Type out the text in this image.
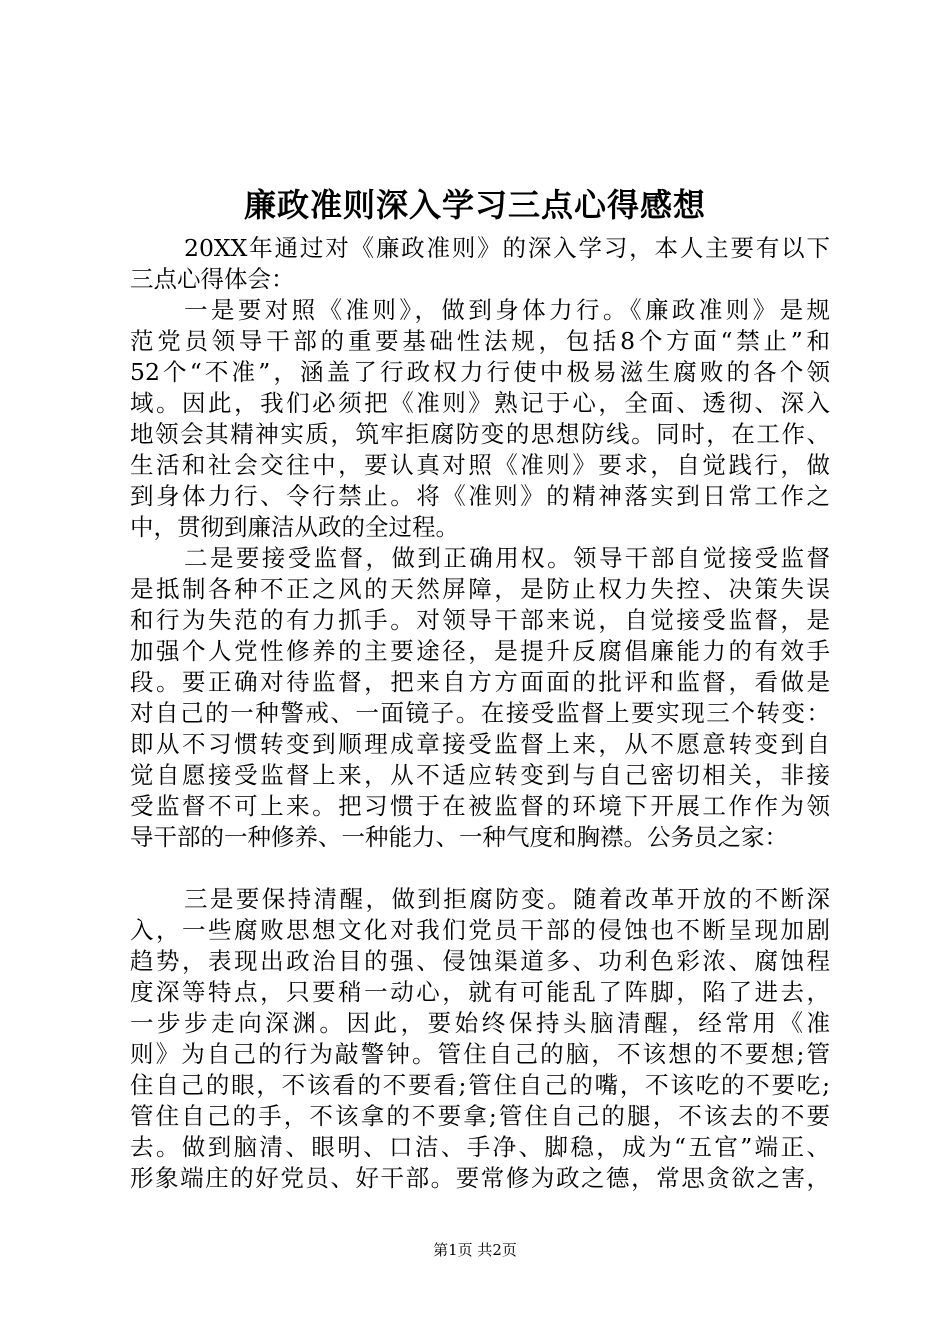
廉政准则深入学习三点心得感想
20XX年通过对《廉政准则》的深入学习，本人主要有以下
三点心得体会：
一是要对照《准则》，做到身体力行。《廉政准则》是规
范党员领导干部的重要基础性法规，包括8个方面“禁止”和
52个“不准”，涵盖了行政权力行使中极易滋生腐败的各个领
域。因此，我们必须把《准则》熟记于心，全面、透彻、深入
地领会其精神实质，筑牢拒腐防变的思想防线。同时，在工作、
生活和社会交往中，要认真对照《准则》要求，自觉践行，做
到身体力行、令行禁止。将《准则》的精神落实到日常工作之
中，贯彻到廉洁从政的全过程。
二是要接受监督，做到正确用权。领导干部自觉接受监督
是抵制各种不正之风的天然屏障，是防止权力失控、决策失误
和行为失范的有力抓手。对领导干部来说，自觉接受监督，是
加强个人党性修养的主要途径，是提升反腐倡廉能力的有效手
段。要正确对待监督，把来自方方面面的批评和监督，看做是
对自己的一种警戒、一面镜子。在接受监督上要实现三个转变：
即从不习惯转变到顺理成章接受监督上来，从不愿意转变到自
觉自愿接受监督上来，从不适应转变到与自己密切相关，非接
受监督不可上来。把习惯于在被监督的环境下开展工作作为领
导干部的一种修养、一种能力、一种气度和胸襟。公务员之家：
三是要保持清醒，做到拒腐防变。随着改革开放的不断深
入，一些腐败思想文化对我们党员干部的侵蚀也不断呈现加剧
趋势，表现出政治目的强、侵蚀渠道多、功利色彩浓、腐蚀程
度深等特点，只要稍一动心，就有可能乱了阵脚，陷了进去，
一步步走向深渊。因此，要始终保持头脑清醒，经常用《准
则》为自己的行为敲警钟。管住自己的脑，不该想的不要想;管
住自己的眼，不该看的不要看;管住自己的嘴，不该吃的不要吃;
管住自己的手，不该拿的不要拿;管住自己的腿，不该去的不要
去。做到脑清、眼明、口洁、手净、脚稳，成为“五官”端正、
形象端庄的好党员、好干部。要常修为政之德，常思贪欲之害，
第1页 共2页
